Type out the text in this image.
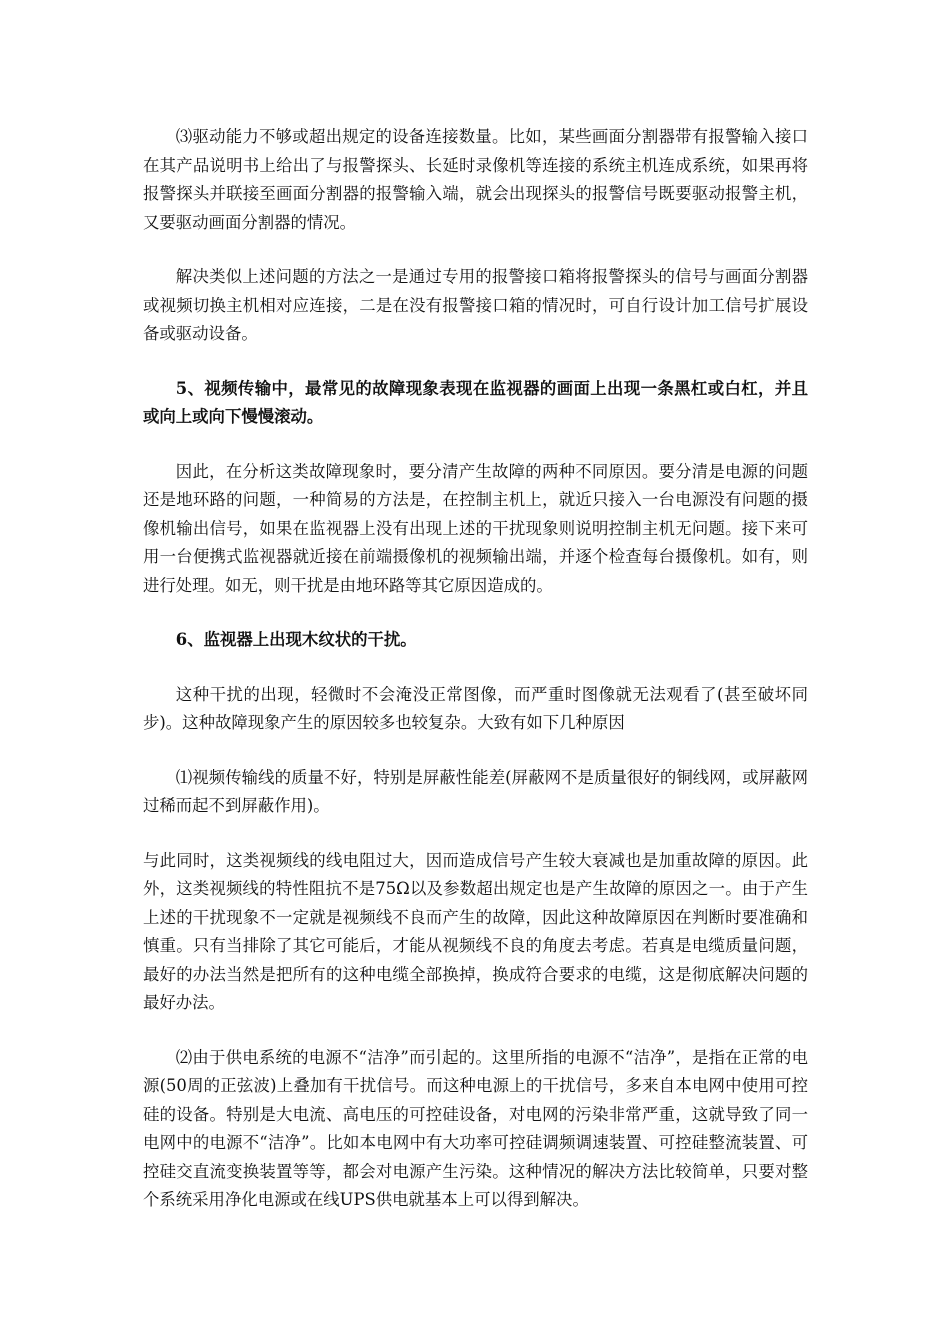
⑶驱动能力不够或超出规定的设备连接数量。比如，某些画面分割器带有报警输入接口在其产品说明书上给出了与报警探头、长延时录像机等连接的系统主机连成系统，如果再将报警探头并联接至画面分割器的报警输入端，就会出现探头的报警信号既要驱动报警主机，又要驱动画面分割器的情况。

解决类似上述问题的方法之一是通过专用的报警接口箱将报警探头的信号与画面分割器或视频切换主机相对应连接，二是在没有报警接口箱的情况时，可自行设计加工信号扩展设备或驱动设备。

5、视频传输中，最常见的故障现象表现在监视器的画面上出现一条黑杠或白杠，并且或向上或向下慢慢滚动。

因此，在分析这类故障现象时，要分清产生故障的两种不同原因。要分清是电源的问题还是地环路的问题，一种简易的方法是，在控制主机上，就近只接入一台电源没有问题的摄像机输出信号，如果在监视器上没有出现上述的干扰现象则说明控制主机无问题。接下来可用一台便携式监视器就近接在前端摄像机的视频输出端，并逐个检查每台摄像机。如有，则进行处理。如无，则干扰是由地环路等其它原因造成的。

6、监视器上出现木纹状的干扰。

这种干扰的出现，轻微时不会淹没正常图像，而严重时图像就无法观看了(甚至破坏同步)。这种故障现象产生的原因较多也较复杂。大致有如下几种原因

⑴视频传输线的质量不好，特别是屏蔽性能差(屏蔽网不是质量很好的铜线网，或屏蔽网过稀而起不到屏蔽作用)。

与此同时，这类视频线的线电阻过大，因而造成信号产生较大衰减也是加重故障的原因。此外，这类视频线的特性阻抗不是75Ω以及参数超出规定也是产生故障的原因之一。由于产生上述的干扰现象不一定就是视频线不良而产生的故障，因此这种故障原因在判断时要准确和慎重。只有当排除了其它可能后，才能从视频线不良的角度去考虑。若真是电缆质量问题，最好的办法当然是把所有的这种电缆全部换掉，换成符合要求的电缆，这是彻底解决问题的最好办法。

⑵由于供电系统的电源不“洁净”而引起的。这里所指的电源不“洁净”，是指在正常的电源(50周的正弦波)上叠加有干扰信号。而这种电源上的干扰信号，多来自本电网中使用可控硅的设备。特别是大电流、高电压的可控硅设备，对电网的污染非常严重，这就导致了同一电网中的电源不“洁净”。比如本电网中有大功率可控硅调频调速装置、可控硅整流装置、可控硅交直流变换装置等等，都会对电源产生污染。这种情况的解决方法比较简单，只要对整个系统采用净化电源或在线UPS供电就基本上可以得到解决。
